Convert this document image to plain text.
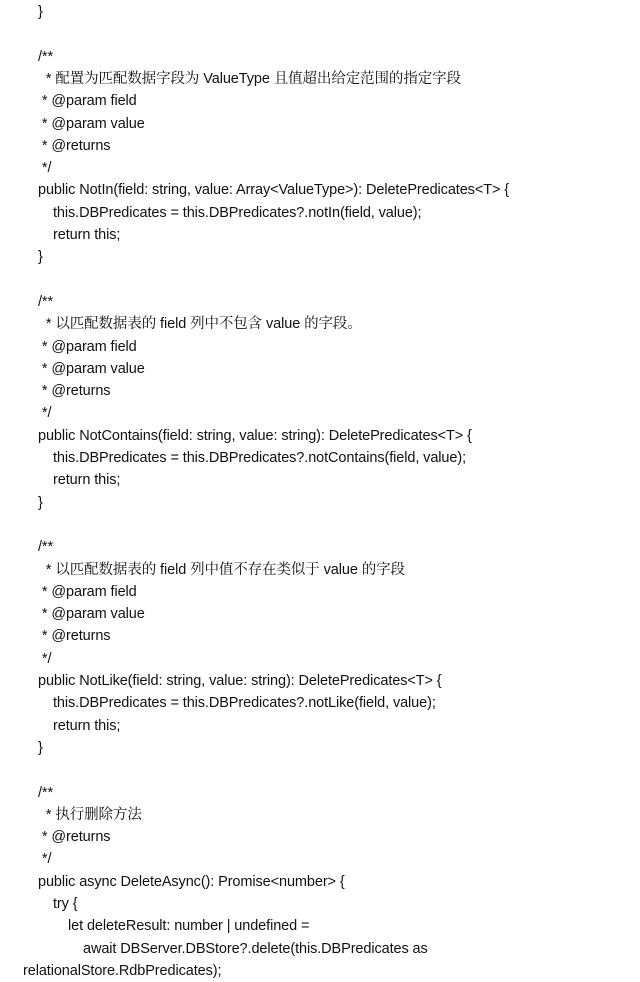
}
/**
* 配置为匹配数据字段为 ValueType 且值超出给定范围的指定字段
* @param field
* @param value
* @returns
*/
public NotIn(field: string, value: Array<ValueType>): DeletePredicates<T> {
this.DBPredicates = this.DBPredicates?.notIn(field, value);
return this;
}
/**
* 以匹配数据表的 field 列中不包含 value 的字段。
* @param field
* @param value
* @returns
*/
public NotContains(field: string, value: string): DeletePredicates<T> {
this.DBPredicates = this.DBPredicates?.notContains(field, value);
return this;
}
/**
* 以匹配数据表的 field 列中值不存在类似于 value 的字段
* @param field
* @param value
* @returns
*/
public NotLike(field: string, value: string): DeletePredicates<T> {
this.DBPredicates = this.DBPredicates?.notLike(field, value);
return this;
}
/**
* 执行删除方法
* @returns
*/
public async DeleteAsync(): Promise<number> {
try {
let deleteResult: number | undefined =
await DBServer.DBStore?.delete(this.DBPredicates as
relationalStore.RdbPredicates);
